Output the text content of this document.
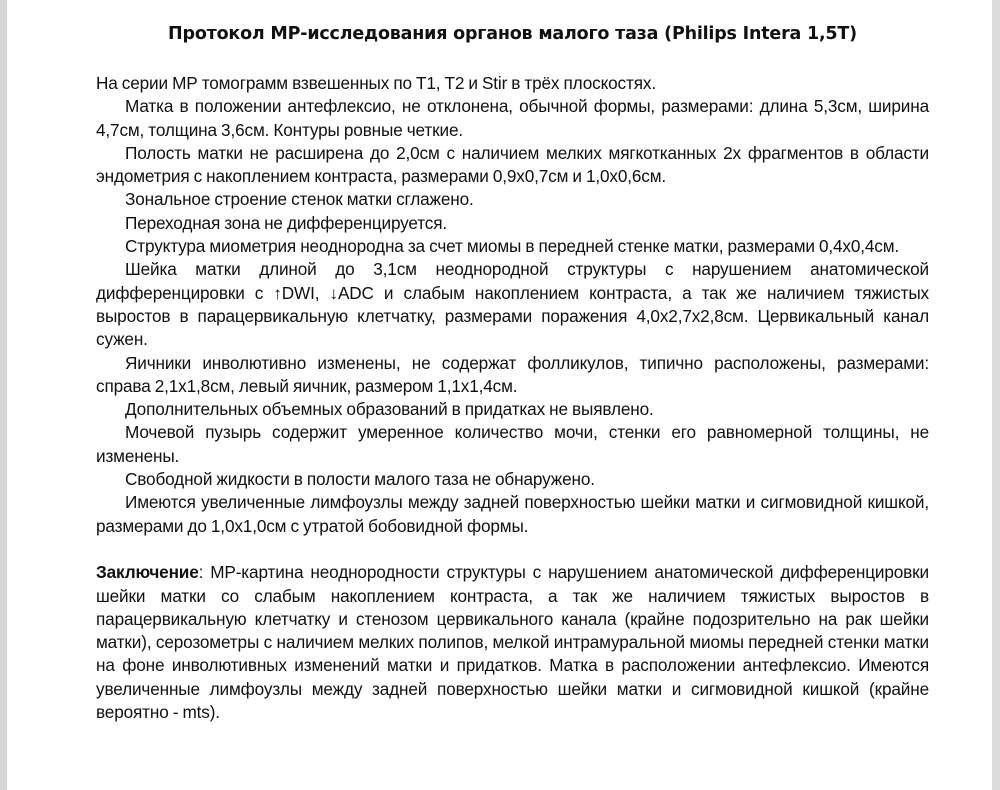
Протокол МР-исследования органов малого таза (Philips Intera 1,5T)

На серии МР томограмм взвешенных по Т1, Т2 и Stir в трёх плоскостях.

Матка в положении антефлексио, не отклонена, обычной формы, размерами: длина 5,3см, ширина 4,7см, толщина 3,6см. Контуры ровные четкие.

Полость матки не расширена до 2,0см с наличием мелких мягкотканных 2х фрагментов в области эндометрия с накоплением контраста, размерами 0,9х0,7см и 1,0х0,6см.

Зональное строение стенок матки сглажено.

Переходная зона не дифференцируется.

Структура миометрия неоднородна за счет миомы в передней стенке матки, размерами 0,4х0,4см.

Шейка матки длиной до 3,1см неоднородной структуры с нарушением анатомической дифференцировки с ↑DWI, ↓ADC и слабым накоплением контраста, а так же наличием тяжистых выростов в парацервикальную клетчатку, размерами поражения 4,0х2,7х2,8см. Цервикальный канал сужен.

Яичники инволютивно изменены, не содержат фолликулов, типично расположены, размерами: справа 2,1х1,8см, левый яичник, размером 1,1х1,4см.

Дополнительных объемных образований в придатках не выявлено.

Мочевой пузырь содержит умеренное количество мочи, стенки его равномерной толщины, не изменены.

Свободной жидкости в полости малого таза не обнаружено.

Имеются увеличенные лимфоузлы между задней поверхностью шейки матки и сигмовидной кишкой, размерами до 1,0х1,0см с утратой бобовидной формы.

Заключение: МР-картина неоднородности структуры с нарушением анатомической дифференцировки шейки матки со слабым накоплением контраста, а так же наличием тяжистых выростов в парацервикальную клетчатку и стенозом цервикального канала (крайне подозрительно на рак шейки матки), серозометры с наличием мелких полипов, мелкой интрамуральной миомы передней стенки матки на фоне инволютивных изменений матки и придатков. Матка в расположении антефлексио. Имеются увеличенные лимфоузлы между задней поверхностью шейки матки и сигмовидной кишкой (крайне вероятно - mts).
